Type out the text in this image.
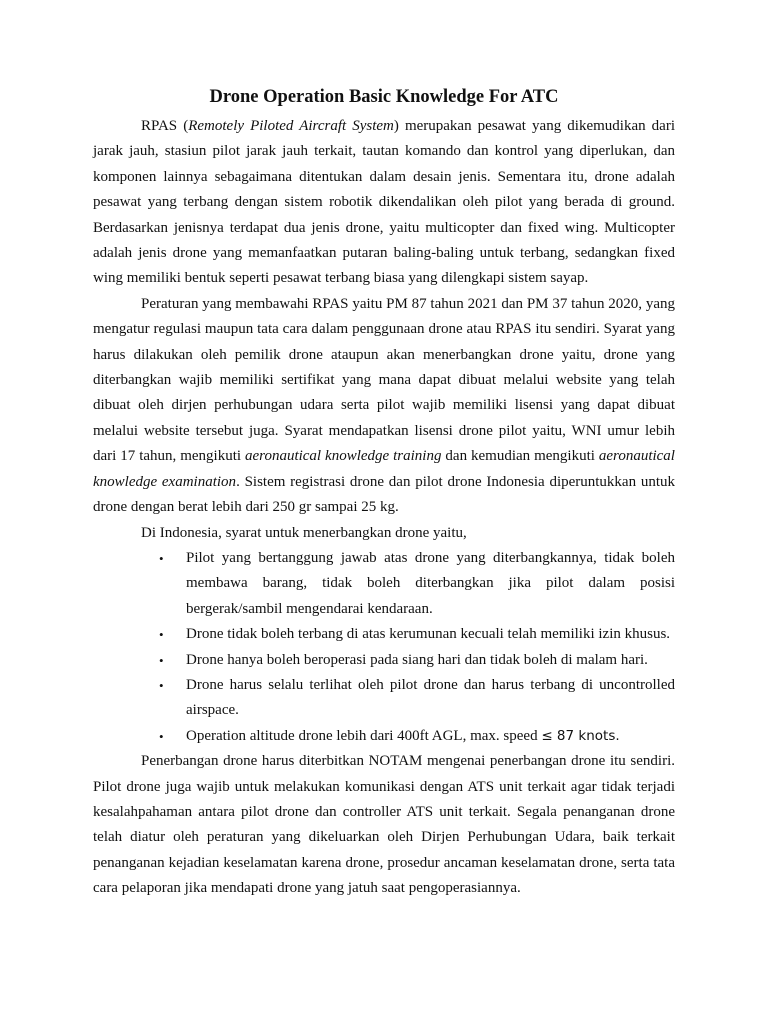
Drone Operation Basic Knowledge For ATC

RPAS (Remotely Piloted Aircraft System) merupakan pesawat yang dikemudikan dari jarak jauh, stasiun pilot jarak jauh terkait, tautan komando dan kontrol yang diperlukan, dan komponen lainnya sebagaimana ditentukan dalam desain jenis. Sementara itu, drone adalah pesawat yang terbang dengan sistem robotik dikendalikan oleh pilot yang berada di ground. Berdasarkan jenisnya terdapat dua jenis drone, yaitu multicopter dan fixed wing. Multicopter adalah jenis drone yang memanfaatkan putaran baling-baling untuk terbang, sedangkan fixed wing memiliki bentuk seperti pesawat terbang biasa yang dilengkapi sistem sayap.

Peraturan yang membawahi RPAS yaitu PM 87 tahun 2021 dan PM 37 tahun 2020, yang mengatur regulasi maupun tata cara dalam penggunaan drone atau RPAS itu sendiri. Syarat yang harus dilakukan oleh pemilik drone ataupun akan menerbangkan drone yaitu, drone yang diterbangkan wajib memiliki sertifikat yang mana dapat dibuat melalui website yang telah dibuat oleh dirjen perhubungan udara serta pilot wajib memiliki lisensi yang dapat dibuat melalui website tersebut juga. Syarat mendapatkan lisensi drone pilot yaitu, WNI umur lebih dari 17 tahun, mengikuti aeronautical knowledge training dan kemudian mengikuti aeronautical knowledge examination. Sistem registrasi drone dan pilot drone Indonesia diperuntukkan untuk drone dengan berat lebih dari 250 gr sampai 25 kg.

Di Indonesia, syarat untuk menerbangkan drone yaitu,

• Pilot yang bertanggung jawab atas drone yang diterbangkannya, tidak boleh membawa barang, tidak boleh diterbangkan jika pilot dalam posisi bergerak/sambil mengendarai kendaraan.
• Drone tidak boleh terbang di atas kerumunan kecuali telah memiliki izin khusus.
• Drone hanya boleh beroperasi pada siang hari dan tidak boleh di malam hari.
• Drone harus selalu terlihat oleh pilot drone dan harus terbang di uncontrolled airspace.
• Operation altitude drone lebih dari 400ft AGL, max. speed ≤ 87 knots.

Penerbangan drone harus diterbitkan NOTAM mengenai penerbangan drone itu sendiri. Pilot drone juga wajib untuk melakukan komunikasi dengan ATS unit terkait agar tidak terjadi kesalahpahaman antara pilot drone dan controller ATS unit terkait. Segala penanganan drone telah diatur oleh peraturan yang dikeluarkan oleh Dirjen Perhubungan Udara, baik terkait penanganan kejadian keselamatan karena drone, prosedur ancaman keselamatan drone, serta tata cara pelaporan jika mendapati drone yang jatuh saat pengoperasiannya.
